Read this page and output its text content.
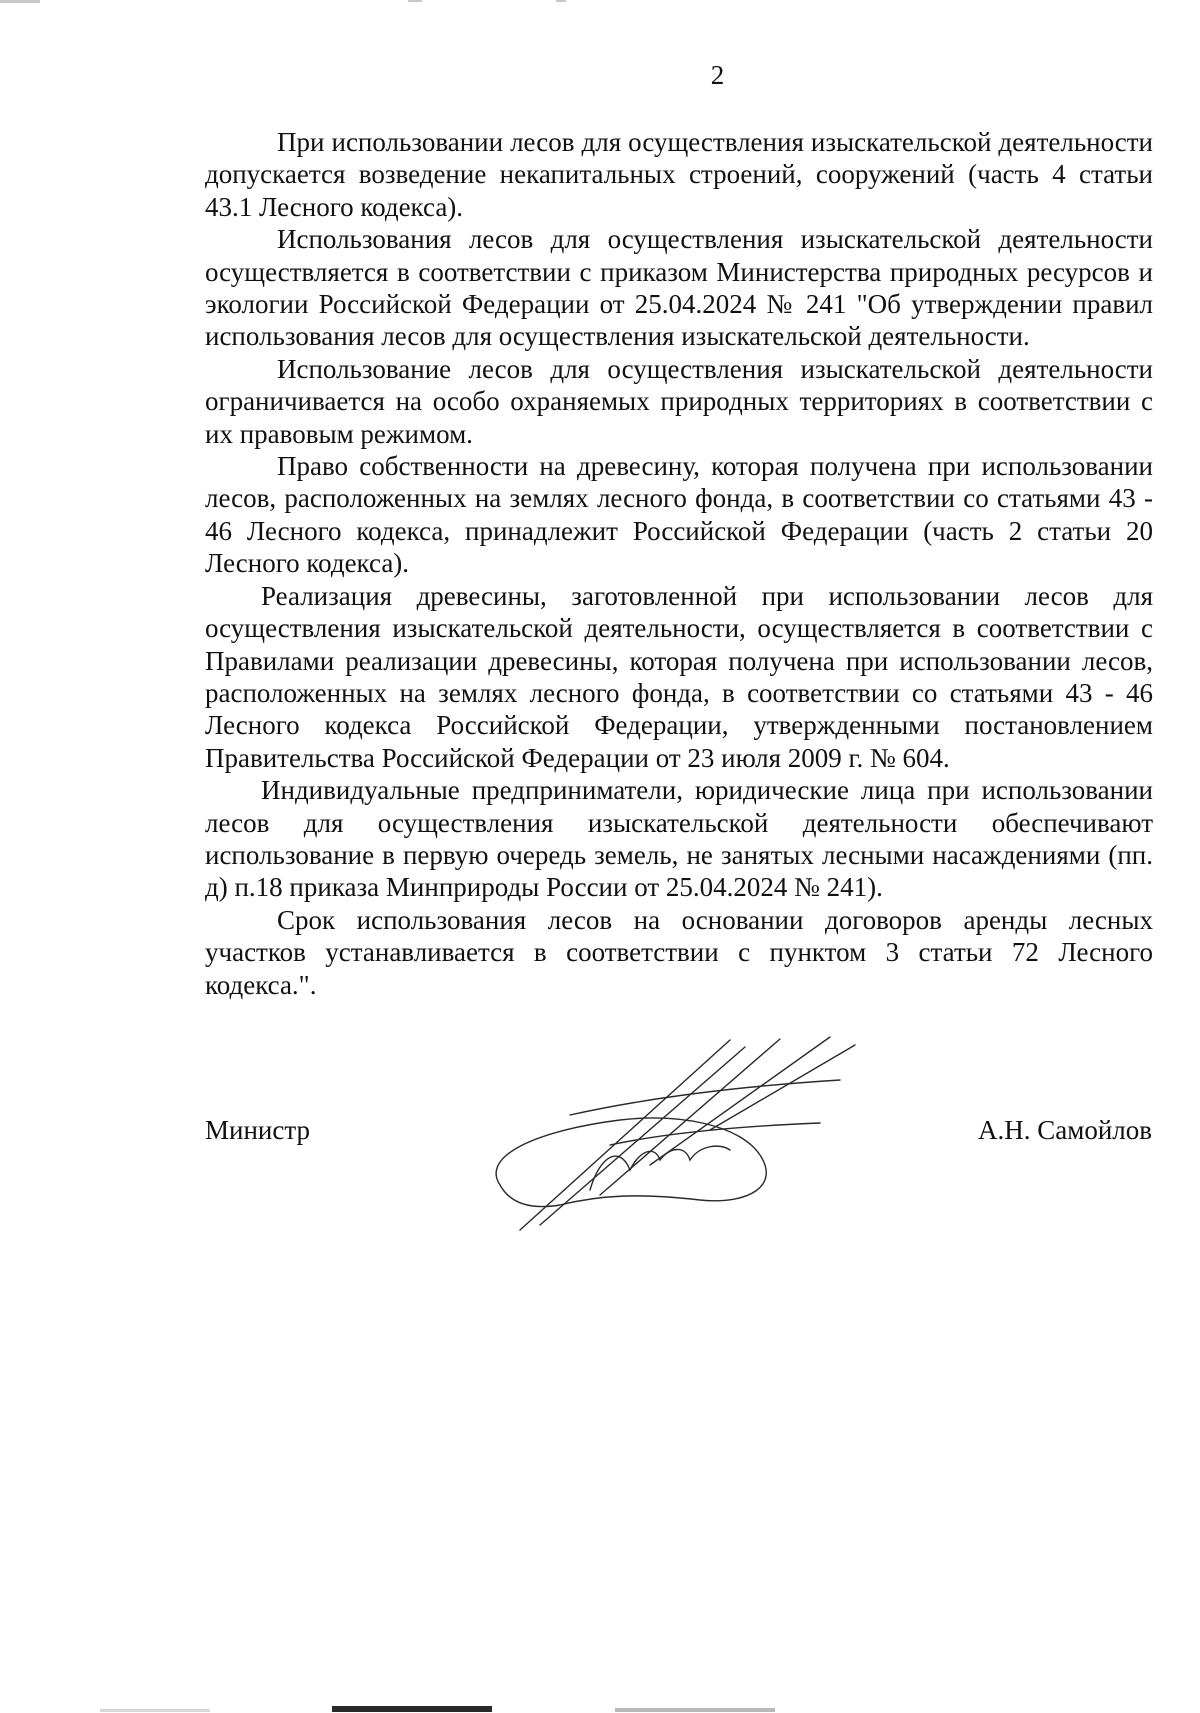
2

При использовании лесов для осуществления изыскательской деятельности допускается возведение некапитальных строений, сооружений (часть 4 статьи 43.1 Лесного кодекса).

Использования лесов для осуществления изыскательской деятельности осуществляется в соответствии с приказом Министерства природных ресурсов и экологии Российской Федерации от 25.04.2024 № 241 "Об утверждении правил использования лесов для осуществления изыскательской деятельности.

Использование лесов для осуществления изыскательской деятельности ограничивается на особо охраняемых природных территориях в соответствии с их правовым режимом.

Право собственности на древесину, которая получена при использовании лесов, расположенных на землях лесного фонда, в соответствии со статьями 43 - 46 Лесного кодекса, принадлежит Российской Федерации (часть 2 статьи 20 Лесного кодекса).

Реализация древесины, заготовленной при использовании лесов для осуществления изыскательской деятельности, осуществляется в соответствии с Правилами реализации древесины, которая получена при использовании лесов, расположенных на землях лесного фонда, в соответствии со статьями 43 - 46 Лесного кодекса Российской Федерации, утвержденными постановлением Правительства Российской Федерации от 23 июля 2009 г. № 604.

Индивидуальные предприниматели, юридические лица при использовании лесов для осуществления изыскательской деятельности обеспечивают использование в первую очередь земель, не занятых лесными насаждениями (пп. д) п.18 приказа Минприроды России от 25.04.2024 № 241).

Срок использования лесов на основании договоров аренды лесных участков устанавливается в соответствии с пунктом 3 статьи 72 Лесного кодекса.".

Министр	А.Н. Самойлов
